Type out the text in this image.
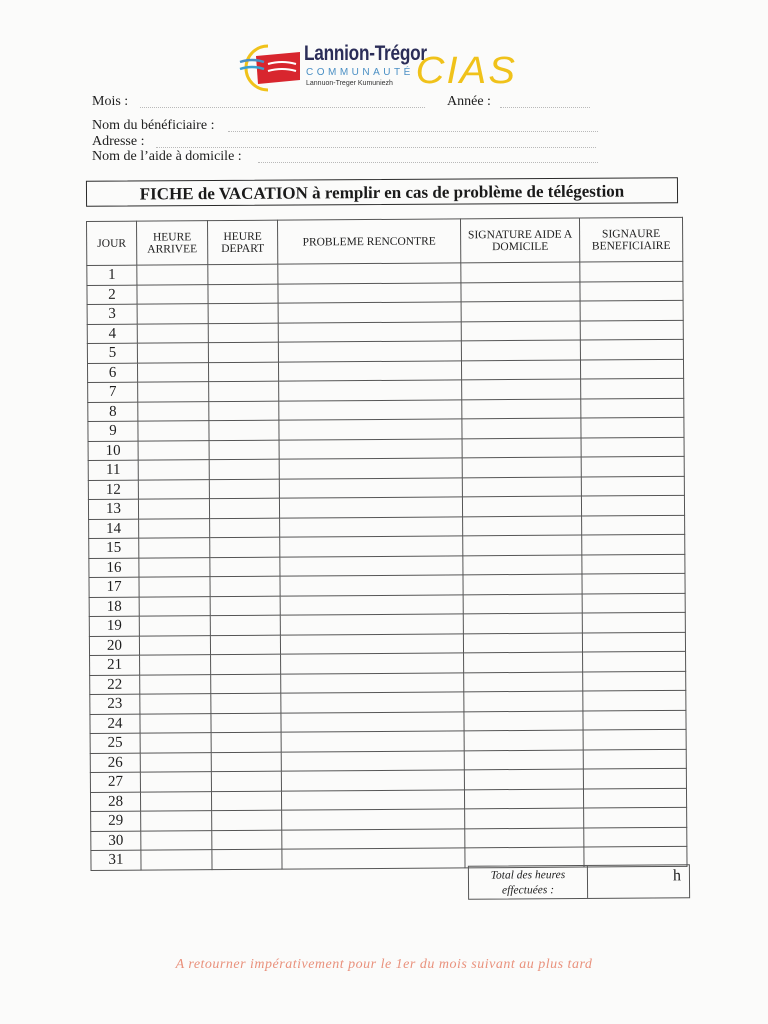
Lannion-Trégor
COMMUNAUTÉ
Lannuon-Treger Kumuniezh CIAS
Mois :	Année :
Nom du bénéficiaire :
Adresse :
Nom de l’aide à domicile :
FICHE de VACATION à remplir en cas de problème de télégestion
JOUR	HEURE ARRIVEE	HEURE DEPART	PROBLEME RENCONTRE	SIGNATURE AIDE A DOMICILE	SIGNAURE BENEFICIAIRE
1					
2					
3					
4					
5					
6					
7					
8					
9					
10					
11					
12					
13					
14					
15					
16					
17					
18					
19					
20					
21					
22					
23					
24					
25					
26					
27					
28					
29					
30					
31					
Total des heures effectuées :
h
A retourner impérativement pour le 1er du mois suivant au plus tard
